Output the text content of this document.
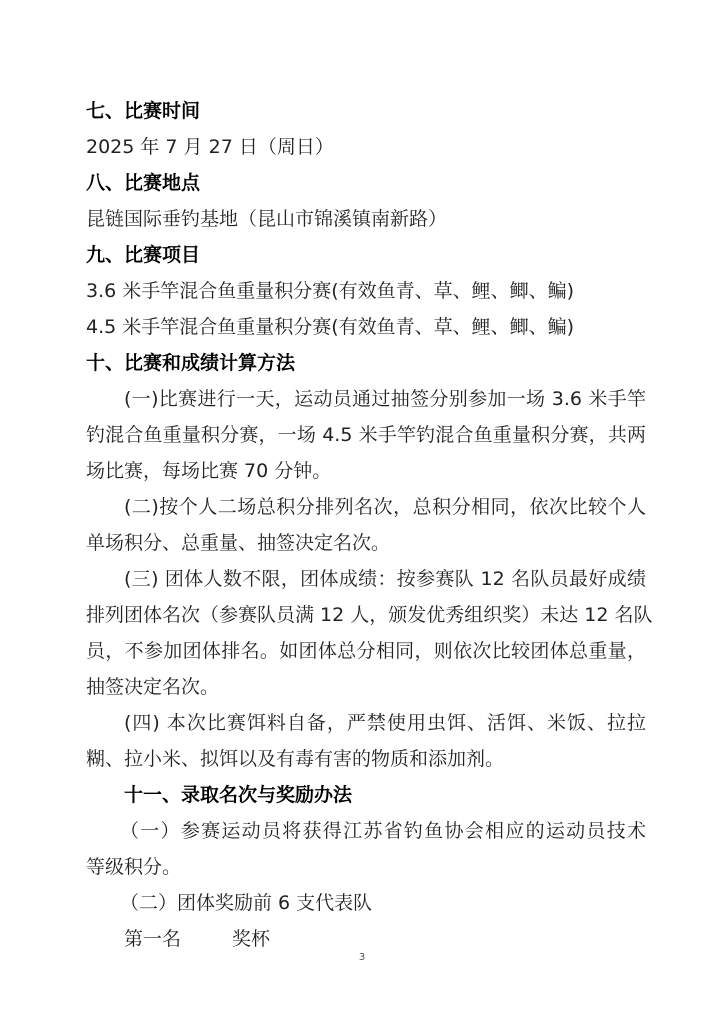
七、比赛时间
2025 年 7 月 27 日（周日）
八、比赛地点
昆链国际垂钓基地（昆山市锦溪镇南新路）
九、比赛项目
3.6 米手竿混合鱼重量积分赛(有效鱼青、草、鲤、鲫、鳊)
4.5 米手竿混合鱼重量积分赛(有效鱼青、草、鲤、鲫、鳊)
十、比赛和成绩计算方法
(一)比赛进行一天，运动员通过抽签分别参加一场 3.6 米手竿
钓混合鱼重量积分赛，一场 4.5 米手竿钓混合鱼重量积分赛，共两
场比赛，每场比赛 70 分钟。
(二)按个人二场总积分排列名次，总积分相同，依次比较个人
单场积分、总重量、抽签决定名次。
(三) 团体人数不限，团体成绩：按参赛队 12 名队员最好成绩
排列团体名次（参赛队员满 12 人，颁发优秀组织奖）未达 12 名队
员，不参加团体排名。如团体总分相同，则依次比较团体总重量，
抽签决定名次。
(四) 本次比赛饵料自备，严禁使用虫饵、活饵、米饭、拉拉
糊、拉小米、拟饵以及有毒有害的物质和添加剂。
十一、录取名次与奖励办法
（一）参赛运动员将获得江苏省钓鱼协会相应的运动员技术
等级积分。
（二）团体奖励前 6 支代表队
第一名	奖杯
3
